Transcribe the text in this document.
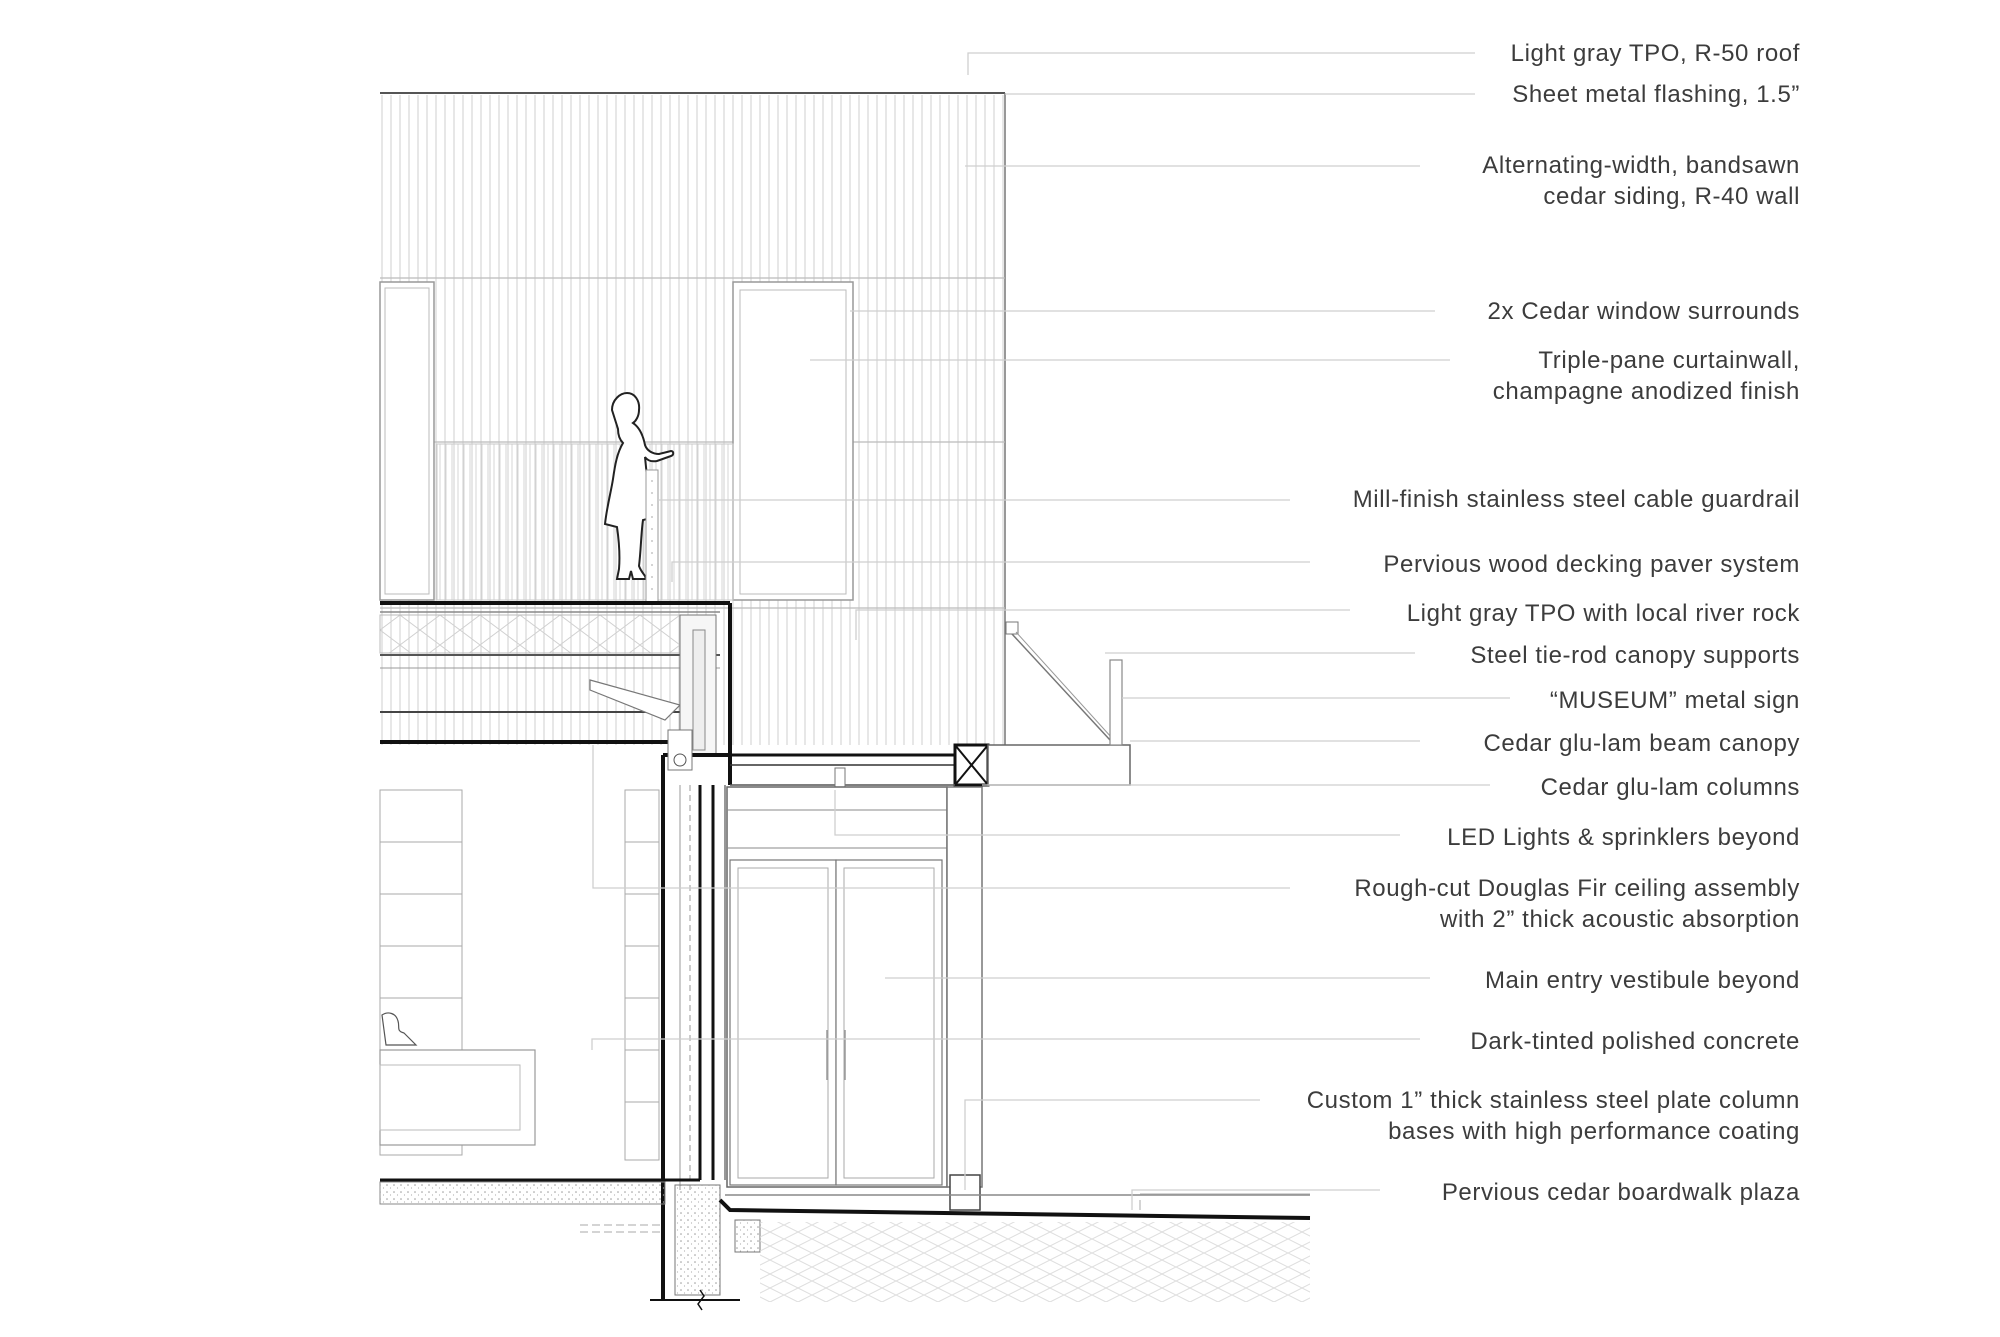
Light gray TPO, R-50 roof
Sheet metal flashing, 1.5”
Alternating-width, bandsawn
cedar siding, R-40 wall
2x Cedar window surrounds
Triple-pane curtainwall,
champagne anodized finish
Mill-finish stainless steel cable guardrail
Pervious wood decking paver system
Light gray TPO with local river rock
Steel tie-rod canopy supports
“MUSEUM” metal sign
Cedar glu-lam beam canopy
Cedar glu-lam columns
LED Lights & sprinklers beyond
Rough-cut Douglas Fir ceiling assembly
with 2” thick acoustic absorption
Main entry vestibule beyond
Dark-tinted polished concrete
Custom 1” thick stainless steel plate column
bases with high performance coating
Pervious cedar boardwalk plaza
